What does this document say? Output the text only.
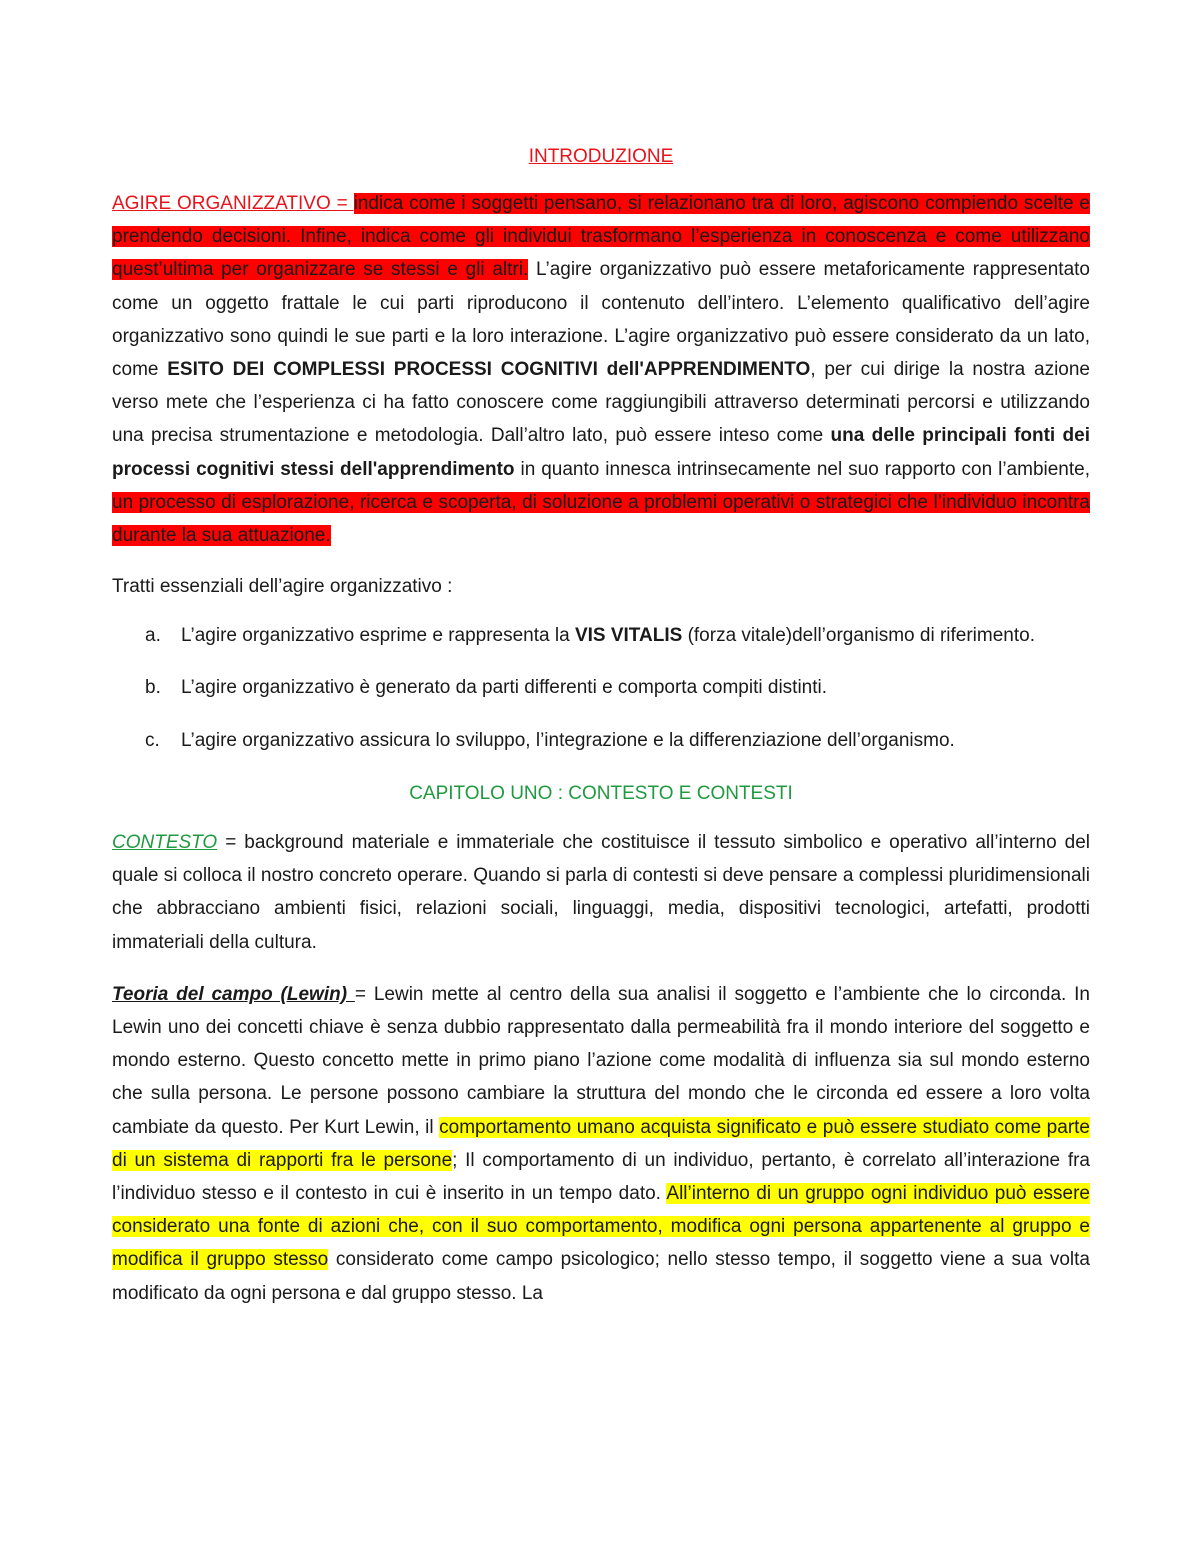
INTRODUZIONE

AGIRE ORGANIZZATIVO = indica come i soggetti pensano, si relazionano tra di loro, agiscono compiendo scelte e prendendo decisioni. Infine, indica come gli individui trasformano l’esperienza in conoscenza e come utilizzano quest’ultima per organizzare se stessi e gli altri. L’agire organizzativo può essere metaforicamente rappresentato come un oggetto frattale le cui parti riproducono il contenuto dell’intero. L’elemento qualificativo dell’agire organizzativo sono quindi le sue parti e la loro interazione. L’agire organizzativo può essere considerato da un lato, come ESITO DEI COMPLESSI PROCESSI COGNITIVI dell'APPRENDIMENTO, per cui dirige la nostra azione verso mete che l’esperienza ci ha fatto conoscere come raggiungibili attraverso determinati percorsi e utilizzando una precisa strumentazione e metodologia. Dall’altro lato, può essere inteso come una delle principali fonti dei processi cognitivi stessi dell'apprendimento in quanto innesca intrinsecamente nel suo rapporto con l’ambiente, un processo di esplorazione, ricerca e scoperta, di soluzione a problemi operativi o strategici che l’individuo incontra durante la sua attuazione.

Tratti essenziali dell’agire organizzativo :

a. L’agire organizzativo esprime e rappresenta la VIS VITALIS (forza vitale)dell’organismo di riferimento.
b. L’agire organizzativo è generato da parti differenti e comporta compiti distinti.
c. L’agire organizzativo assicura lo sviluppo, l’integrazione e la differenziazione dell’organismo.

CAPITOLO UNO : CONTESTO E CONTESTI

CONTESTO = background materiale e immateriale che costituisce il tessuto simbolico e operativo all’interno del quale si colloca il nostro concreto operare. Quando si parla di contesti si deve pensare a complessi pluridimensionali che abbracciano ambienti fisici, relazioni sociali, linguaggi, media, dispositivi tecnologici, artefatti, prodotti immateriali della cultura.

Teoria del campo (Lewin) = Lewin mette al centro della sua analisi il soggetto e l’ambiente che lo circonda. In Lewin uno dei concetti chiave è senza dubbio rappresentato dalla permeabilità fra il mondo interiore del soggetto e mondo esterno. Questo concetto mette in primo piano l’azione come modalità di influenza sia sul mondo esterno che sulla persona. Le persone possono cambiare la struttura del mondo che le circonda ed essere a loro volta cambiate da questo. Per Kurt Lewin, il comportamento umano acquista significato e può essere studiato come parte di un sistema di rapporti fra le persone; Il comportamento di un individuo, pertanto, è correlato all’interazione fra l’individuo stesso e il contesto in cui è inserito in un tempo dato. All’interno di un gruppo ogni individuo può essere considerato una fonte di azioni che, con il suo comportamento, modifica ogni persona appartenente al gruppo e modifica il gruppo stesso considerato come campo psicologico; nello stesso tempo, il soggetto viene a sua volta modificato da ogni persona e dal gruppo stesso. La
